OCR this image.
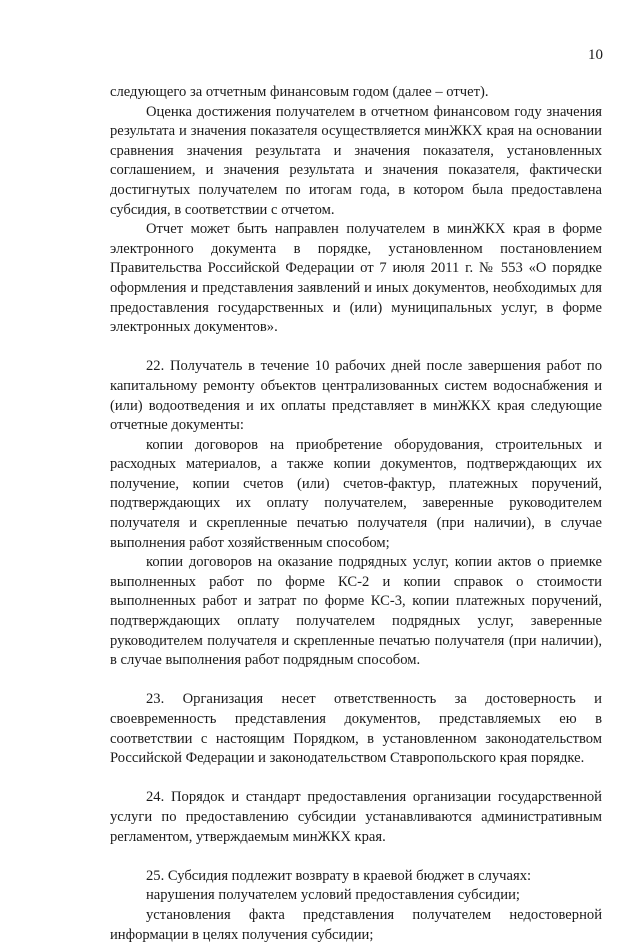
10

следующего за отчетным финансовым годом (далее – отчет).

Оценка достижения получателем в отчетном финансовом году значения результата и значения показателя осуществляется минЖКХ края на основании сравнения значения результата и значения показателя, установленных соглашением, и значения результата и значения показателя, фактически достигнутых получателем по итогам года, в котором была предоставлена субсидия, в соответствии с отчетом.

Отчет может быть направлен получателем в минЖКХ края в форме электронного документа в порядке, установленном постановлением Правительства Российской Федерации от 7 июля 2011 г. № 553 «О порядке оформления и представления заявлений и иных документов, необходимых для предоставления государственных и (или) муниципальных услуг, в форме электронных документов».

22. Получатель в течение 10 рабочих дней после завершения работ по капитальному ремонту объектов централизованных систем водоснабжения и (или) водоотведения и их оплаты представляет в минЖКХ края следующие отчетные документы:

копии договоров на приобретение оборудования, строительных и расходных материалов, а также копии документов, подтверждающих их получение, копии счетов (или) счетов-фактур, платежных поручений, подтверждающих их оплату получателем, заверенные руководителем получателя и скрепленные печатью получателя (при наличии), в случае выполнения работ хозяйственным способом;

копии договоров на оказание подрядных услуг, копии актов о приемке выполненных работ по форме КС-2 и копии справок о стоимости выполненных работ и затрат по форме КС-3, копии платежных поручений, подтверждающих оплату получателем подрядных услуг, заверенные руководителем получателя и скрепленные печатью получателя (при наличии), в случае выполнения работ подрядным способом.

23. Организация несет ответственность за достоверность и своевременность представления документов, представляемых ею в соответствии с настоящим Порядком, в установленном законодательством Российской Федерации и законодательством Ставропольского края порядке.

24. Порядок и стандарт предоставления организации государственной услуги по предоставлению субсидии устанавливаются административным регламентом, утверждаемым минЖКХ края.

25. Субсидия подлежит возврату в краевой бюджет в случаях:

нарушения получателем условий предоставления субсидии;

установления факта представления получателем недостоверной информации в целях получения субсидии;
